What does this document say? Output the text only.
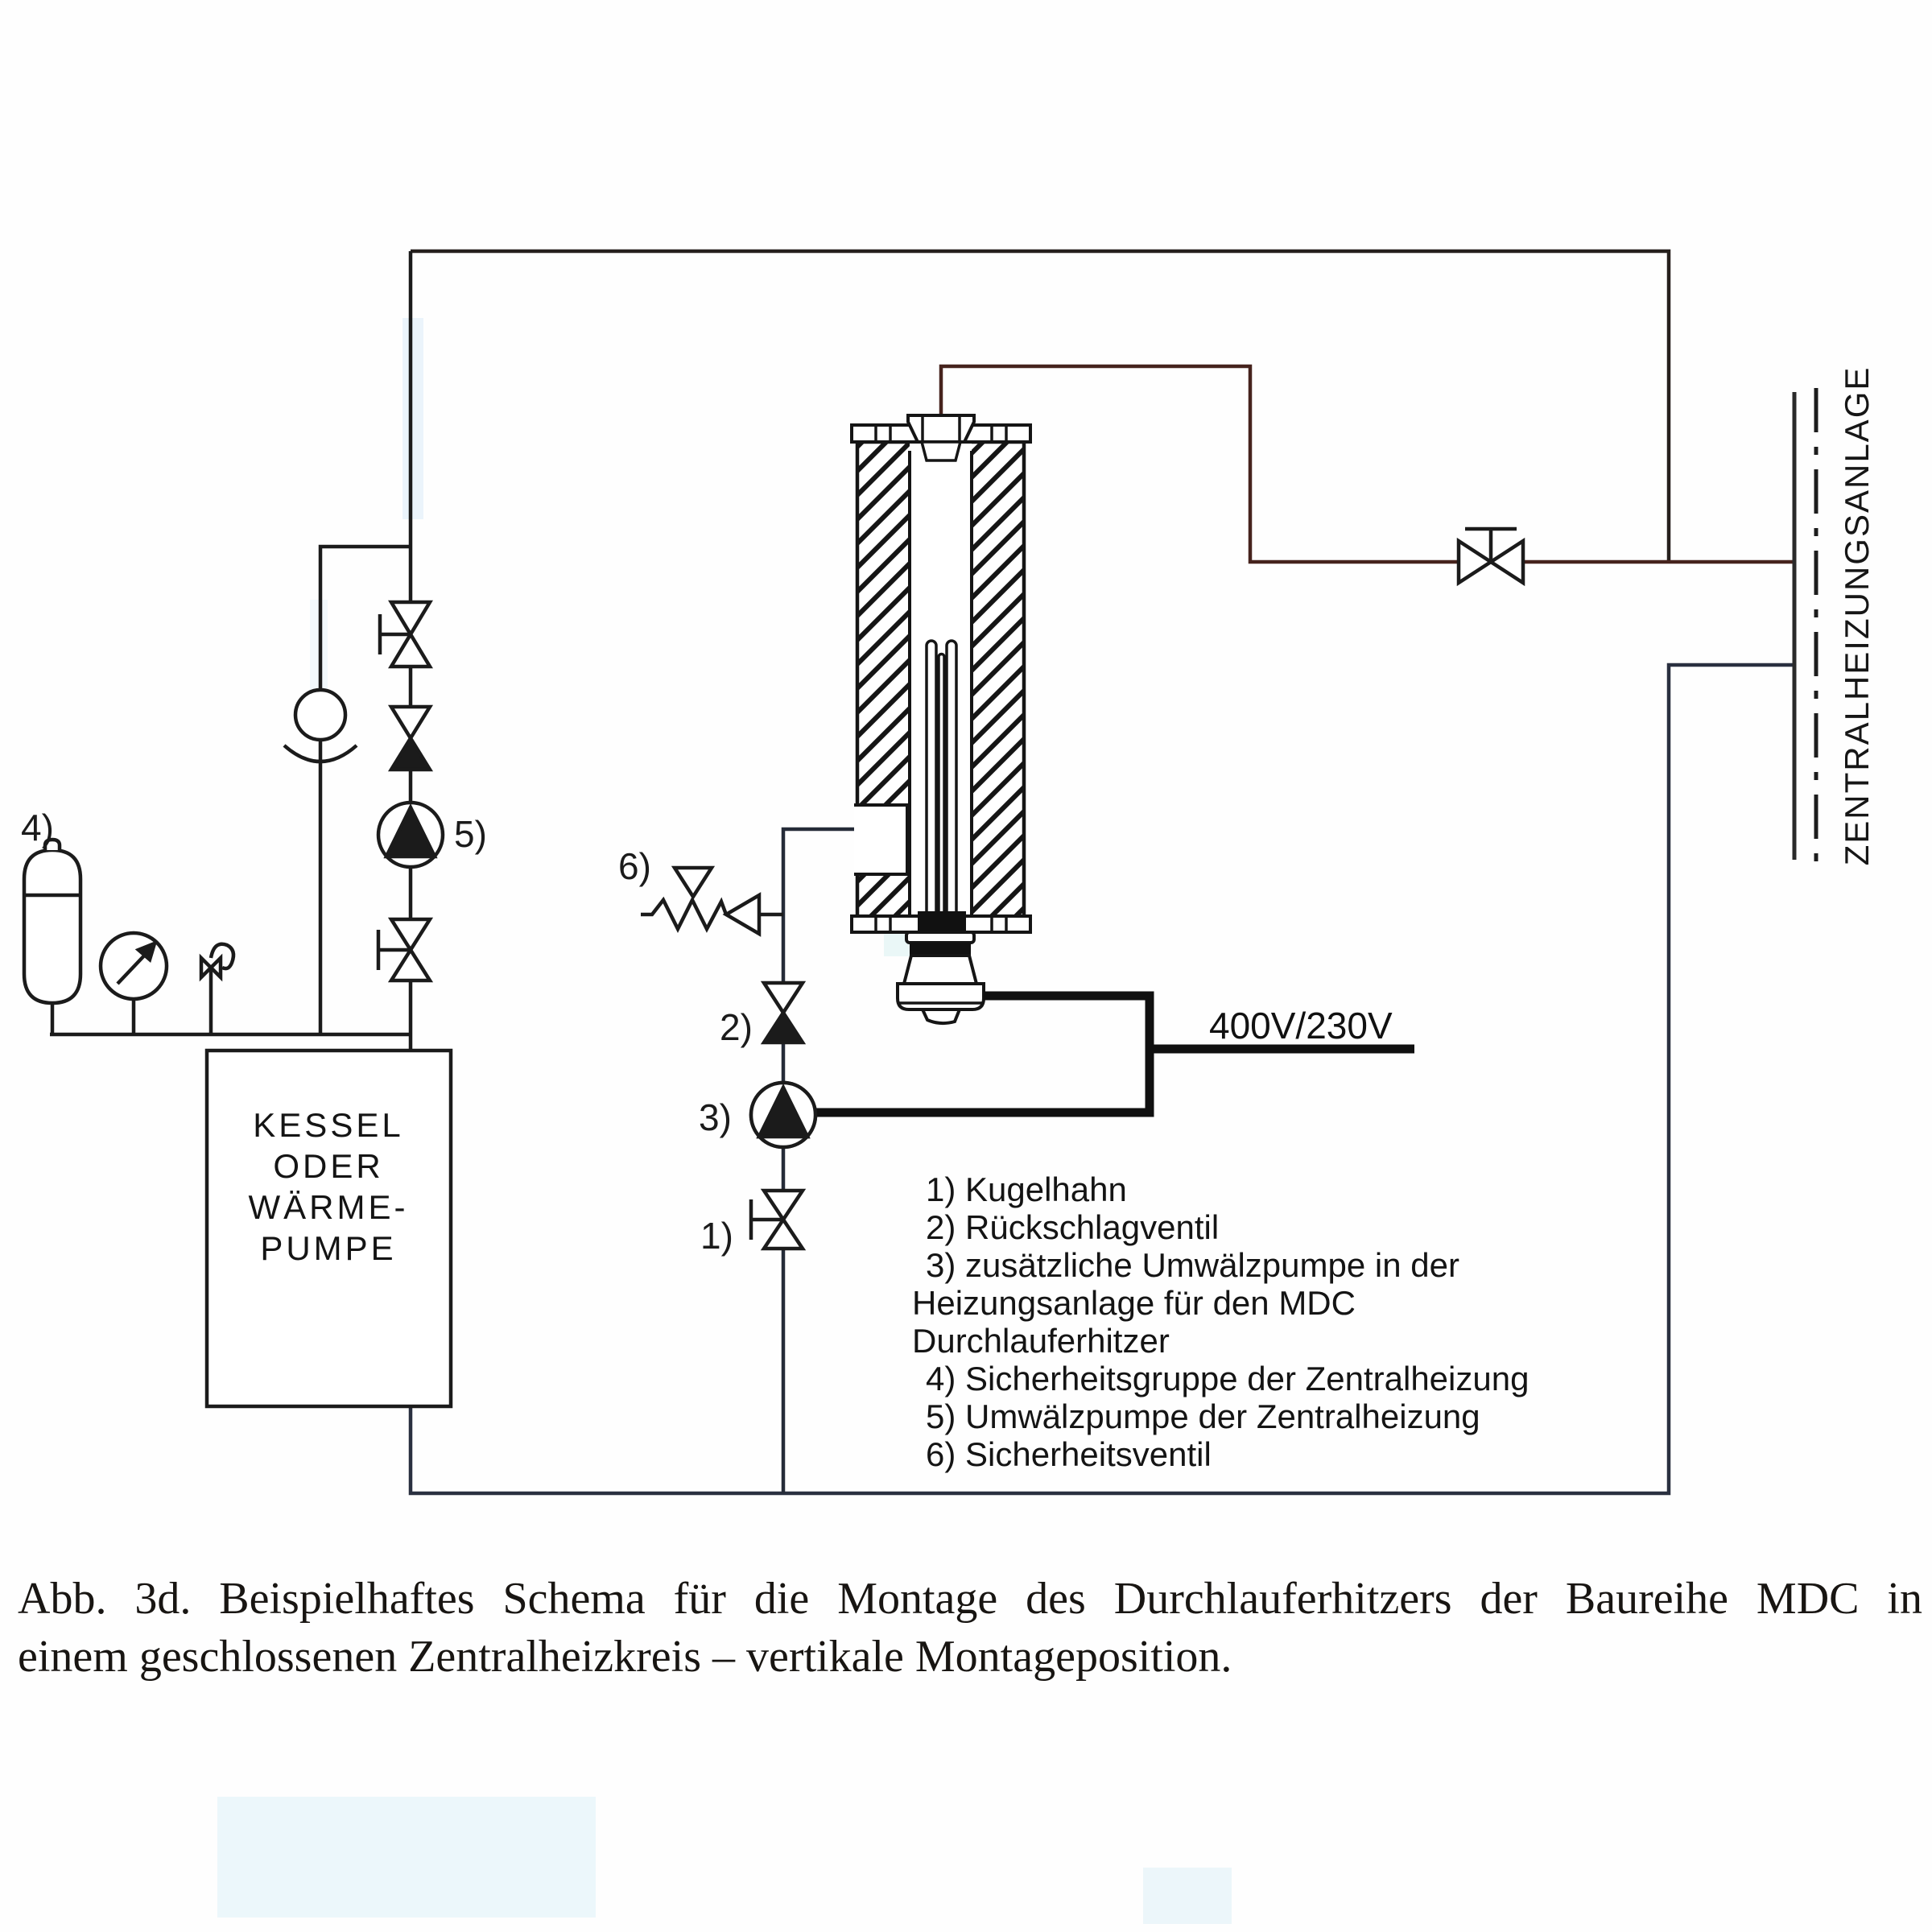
KESSEL
ODER
WÄRME-
PUMPE
ZENTRALHEIZUNGSANLAGE
4)	5)
6)
2)
3)
1)
400V/230V
1) Kugelhahn
2) Rückschlagventil
3) zusätzliche Umwälzpumpe in der
Heizungsanlage für den MDC
Durchlauferhitzer
4) Sicherheitsgruppe der Zentralheizung
5) Umwälzpumpe der Zentralheizung
6) Sicherheitsventil
Abb. 3d. Beispielhaftes Schema für die Montage des Durchlauferhitzers der Baureihe MDC in
einem geschlossenen Zentralheizkreis – vertikale Montageposition.
